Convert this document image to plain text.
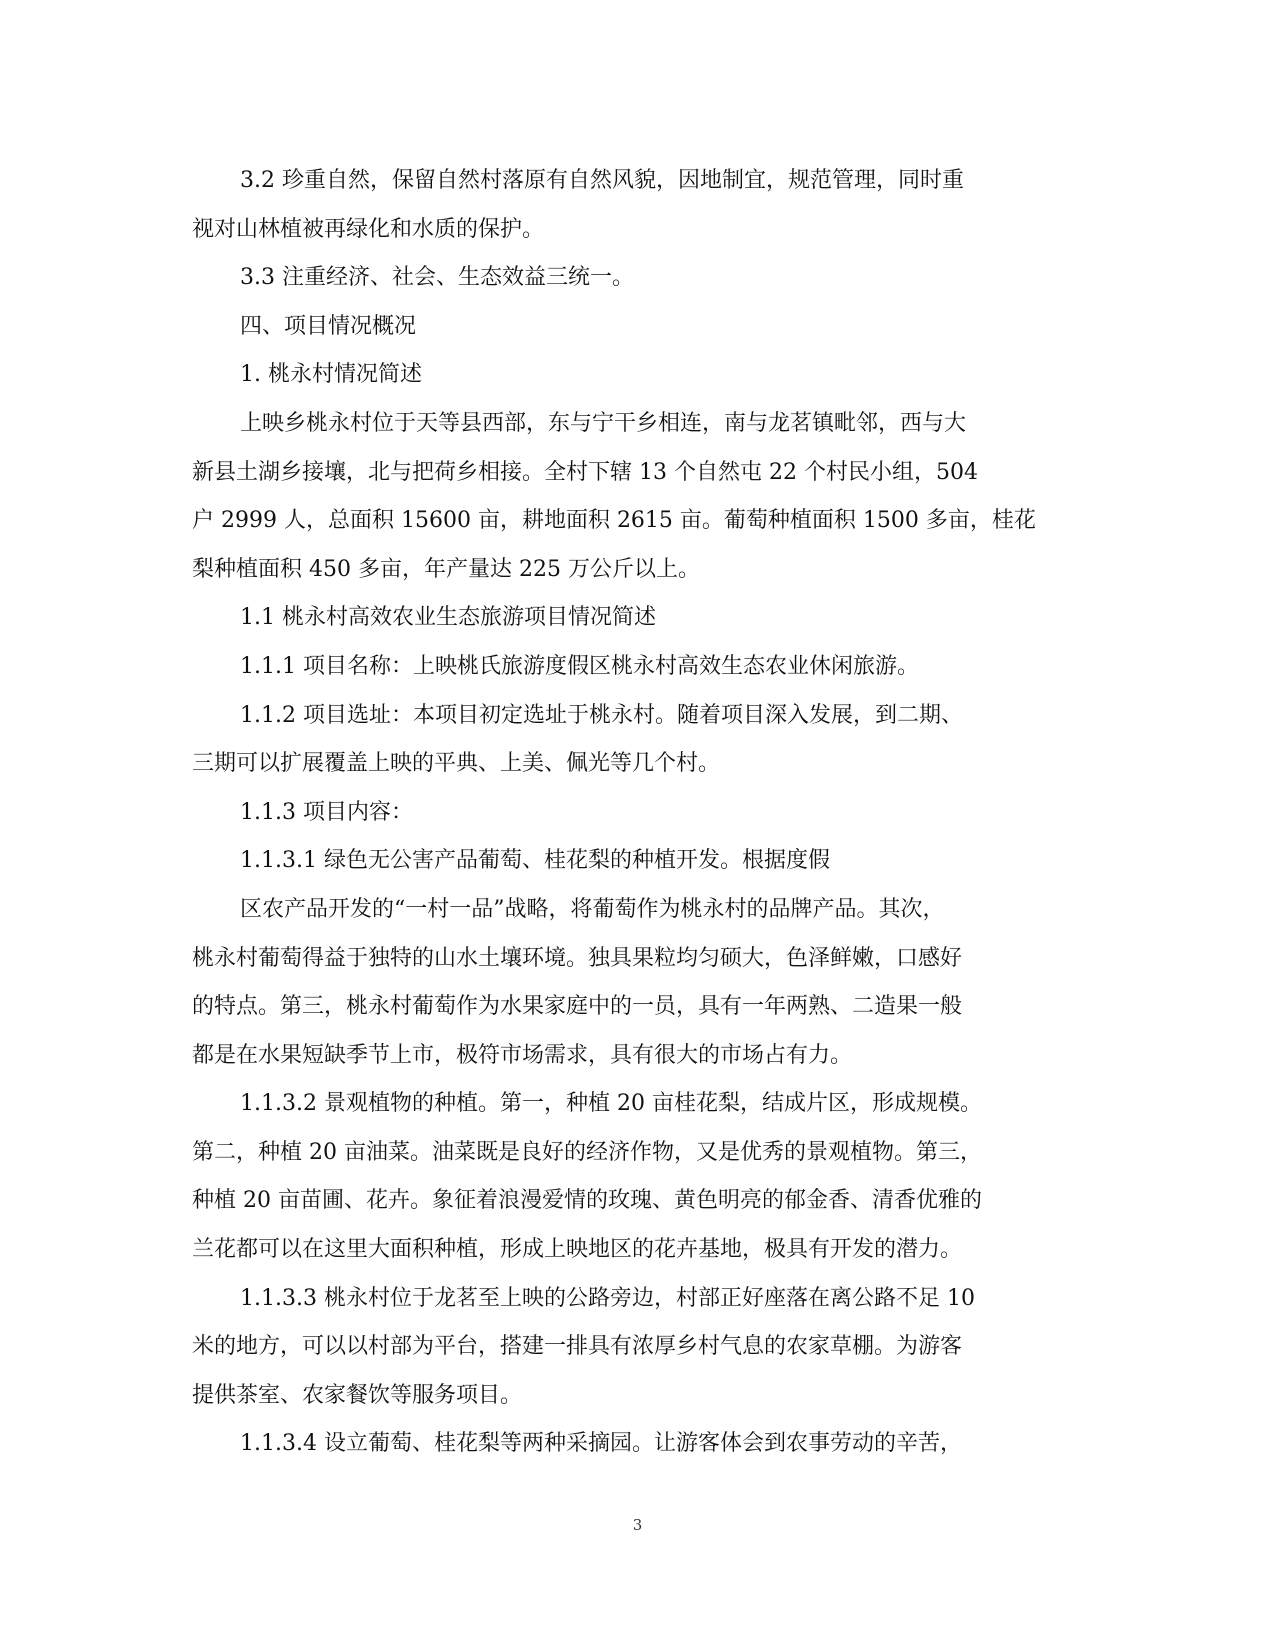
3.2 珍重自然，保留自然村落原有自然风貌，因地制宜，规范管理，同时重
视对山林植被再绿化和水质的保护。
3.3 注重经济、社会、生态效益三统一。
四、项目情况概况
1. 桃永村情况简述
上映乡桃永村位于天等县西部，东与宁干乡相连，南与龙茗镇毗邻，西与大
新县土湖乡接壤，北与把荷乡相接。全村下辖 13 个自然屯 22 个村民小组，504
户 2999 人，总面积 15600 亩，耕地面积 2615 亩。葡萄种植面积 1500 多亩，桂花
梨种植面积 450 多亩，年产量达 225 万公斤以上。
1.1 桃永村高效农业生态旅游项目情况简述
1.1.1 项目名称：上映桃氏旅游度假区桃永村高效生态农业休闲旅游。
1.1.2 项目选址：本项目初定选址于桃永村。随着项目深入发展，到二期、
三期可以扩展覆盖上映的平典、上美、佩光等几个村。
1.1.3 项目内容：
1.1.3.1 绿色无公害产品葡萄、桂花梨的种植开发。根据度假
区农产品开发的“一村一品”战略，将葡萄作为桃永村的品牌产品。其次，
桃永村葡萄得益于独特的山水土壤环境。独具果粒均匀硕大，色泽鲜嫩，口感好
的特点。第三，桃永村葡萄作为水果家庭中的一员，具有一年两熟、二造果一般
都是在水果短缺季节上市，极符市场需求，具有很大的市场占有力。
1.1.3.2 景观植物的种植。第一，种植 20 亩桂花梨，结成片区，形成规模。
第二，种植 20 亩油菜。油菜既是良好的经济作物，又是优秀的景观植物。第三，
种植 20 亩苗圃、花卉。象征着浪漫爱情的玫瑰、黄色明亮的郁金香、清香优雅的
兰花都可以在这里大面积种植，形成上映地区的花卉基地，极具有开发的潜力。
1.1.3.3 桃永村位于龙茗至上映的公路旁边，村部正好座落在离公路不足 10
米的地方，可以以村部为平台，搭建一排具有浓厚乡村气息的农家草棚。为游客
提供茶室、农家餐饮等服务项目。
1.1.3.4 设立葡萄、桂花梨等两种采摘园。让游客体会到农事劳动的辛苦，
3
